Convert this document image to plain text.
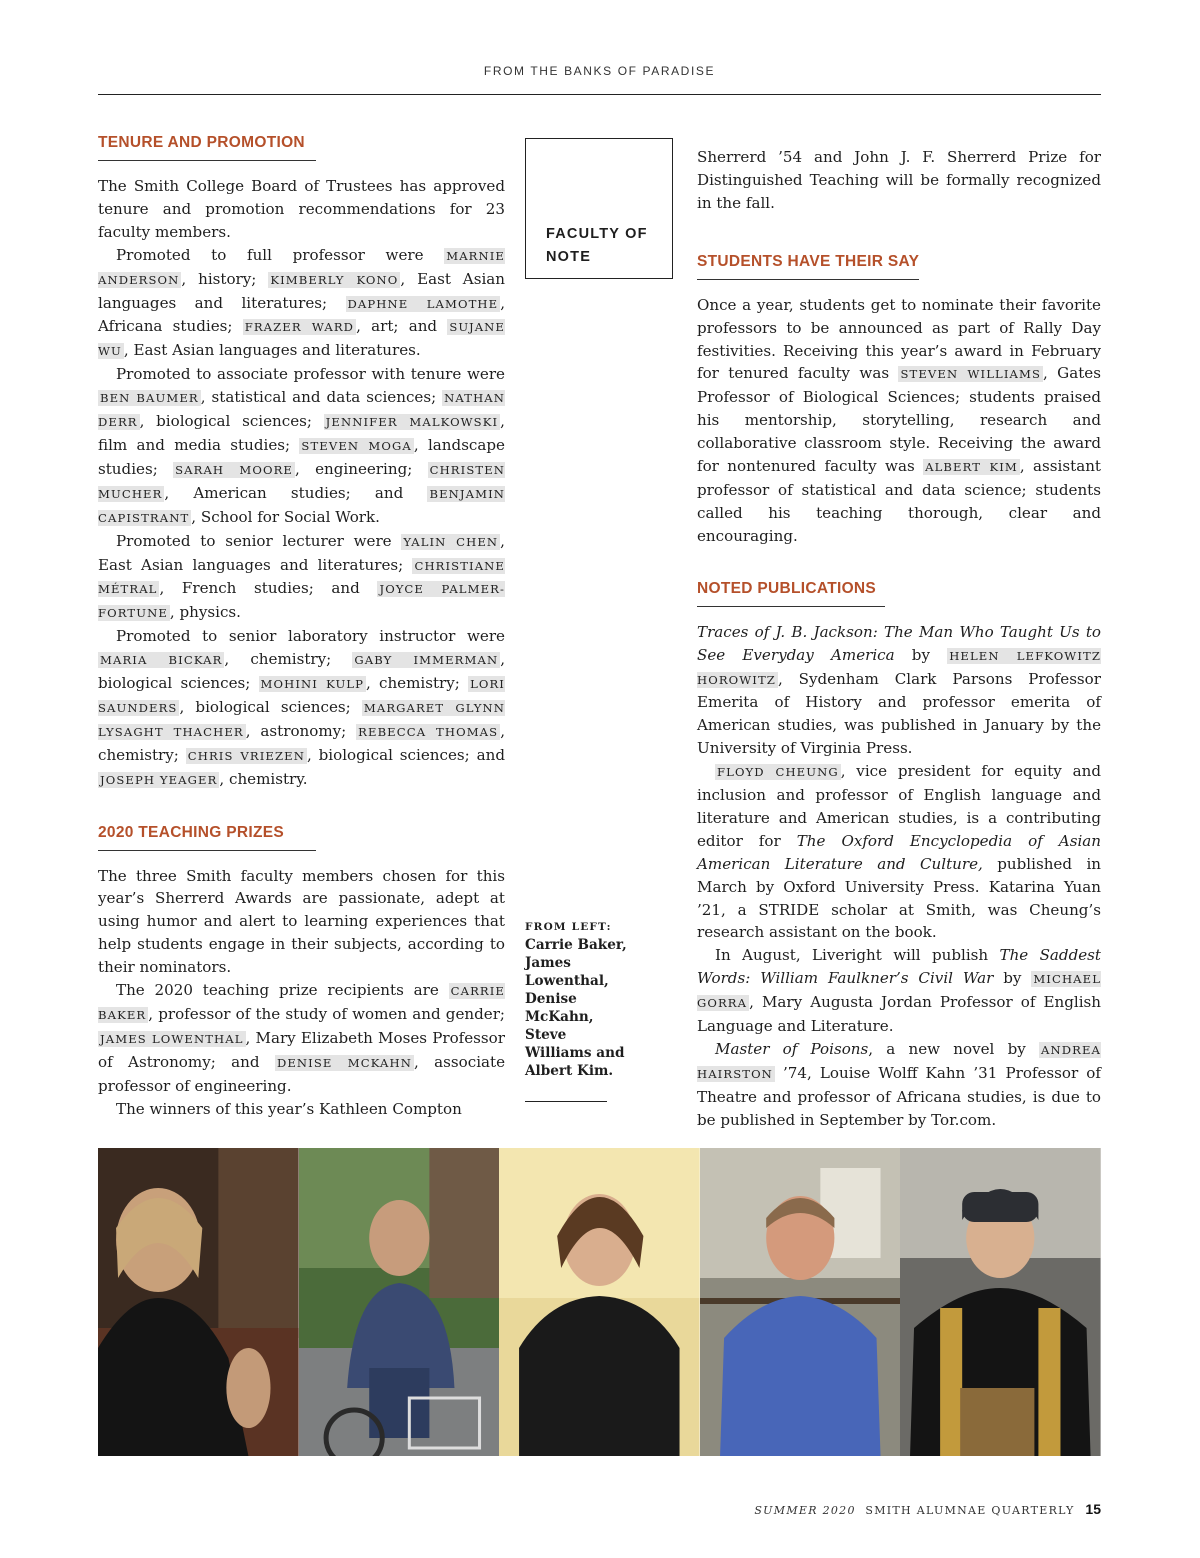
FROM THE BANKS OF PARADISE
TENURE AND PROMOTION

The Smith College Board of Trustees has approved tenure and promotion recommendations for 23 faculty members.

Promoted to full professor were MARNIE ANDERSON , history; KIMBERLY KONO , East Asian languages and literatures; DAPHNE LAMOTHE , Africana studies; FRAZER WARD , art; and SUJANE WU , East Asian languages and literatures.

Promoted to associate professor with tenure were BEN BAUMER , statistical and data sciences; NATHAN DERR , biological sciences; JENNIFER MALKOWSKI , film and media studies; STEVEN MOGA , landscape studies; SARAH MOORE , engineering; CHRISTEN MUCHER , American studies; and BENJAMIN CAPISTRANT , School for Social Work.

Promoted to senior lecturer were YALIN CHEN , East Asian languages and literatures; CHRISTIANE MÉTRAL , French studies; and JOYCE PALMER-FORTUNE , physics.

Promoted to senior laboratory instructor were MARIA BICKAR , chemistry; GABY IMMERMAN , biological sciences; MOHINI KULP , chemistry; LORI SAUNDERS , biological sciences; MARGARET GLYNN LYSAGHT THACHER , astronomy; REBECCA THOMAS , chemistry; CHRIS VRIEZEN , biological sciences; and JOSEPH YEAGER , chemistry.

2020 TEACHING PRIZES

The three Smith faculty members chosen for this year’s Sherrerd Awards are passionate, adept at using humor and alert to learning experiences that help students engage in their subjects, according to their nominators.

The 2020 teaching prize recipients are CARRIE BAKER , professor of the study of women and gender; JAMES LOWENTHAL , Mary Elizabeth Moses Professor of Astronomy; and DENISE MCKAHN , associate professor of engineering.

The winners of this year’s Kathleen Compton

FACULTY OF NOTE
FROM LEFT:
Carrie Baker, James Lowenthal, Denise McKahn, Steve Williams and Albert Kim.

Sherrerd ’54 and John J. F. Sherrerd Prize for Distinguished Teaching will be formally recognized in the fall.

STUDENTS HAVE THEIR SAY

Once a year, students get to nominate their favorite professors to be announced as part of Rally Day festivities. Receiving this year’s award in February for tenured faculty was STEVEN WILLIAMS , Gates Professor of Biological Sciences; students praised his mentorship, storytelling, research and collaborative classroom style. Receiving the award for nontenured faculty was ALBERT KIM , assistant professor of statistical and data science; students called his teaching thorough, clear and encouraging.

NOTED PUBLICATIONS

Traces of J. B. Jackson: The Man Who Taught Us to See Everyday America by HELEN LEFKOWITZ HOROWITZ , Sydenham Clark Parsons Professor Emerita of History and professor emerita of American studies, was published in January by the University of Virginia Press.

FLOYD CHEUNG , vice president for equity and inclusion and professor of English language and literature and American studies, is a contributing editor for The Oxford Encyclopedia of Asian American Literature and Culture, published in March by Oxford University Press. Katarina Yuan ’21, a STRIDE scholar at Smith, was Cheung’s research assistant on the book.

In August, Liveright will publish The Saddest Words: William Faulkner’s Civil War by MICHAEL GORRA , Mary Augusta Jordan Professor of English Language and Literature.

Master of Poisons, a new novel by ANDREA HAIRSTON ’74, Louise Wolff Kahn ’31 Professor of Theatre and professor of Africana studies, is due to be published in September by Tor.com.

SUMMER 2020 SMITH ALUMNAE QUARTERLY 15
